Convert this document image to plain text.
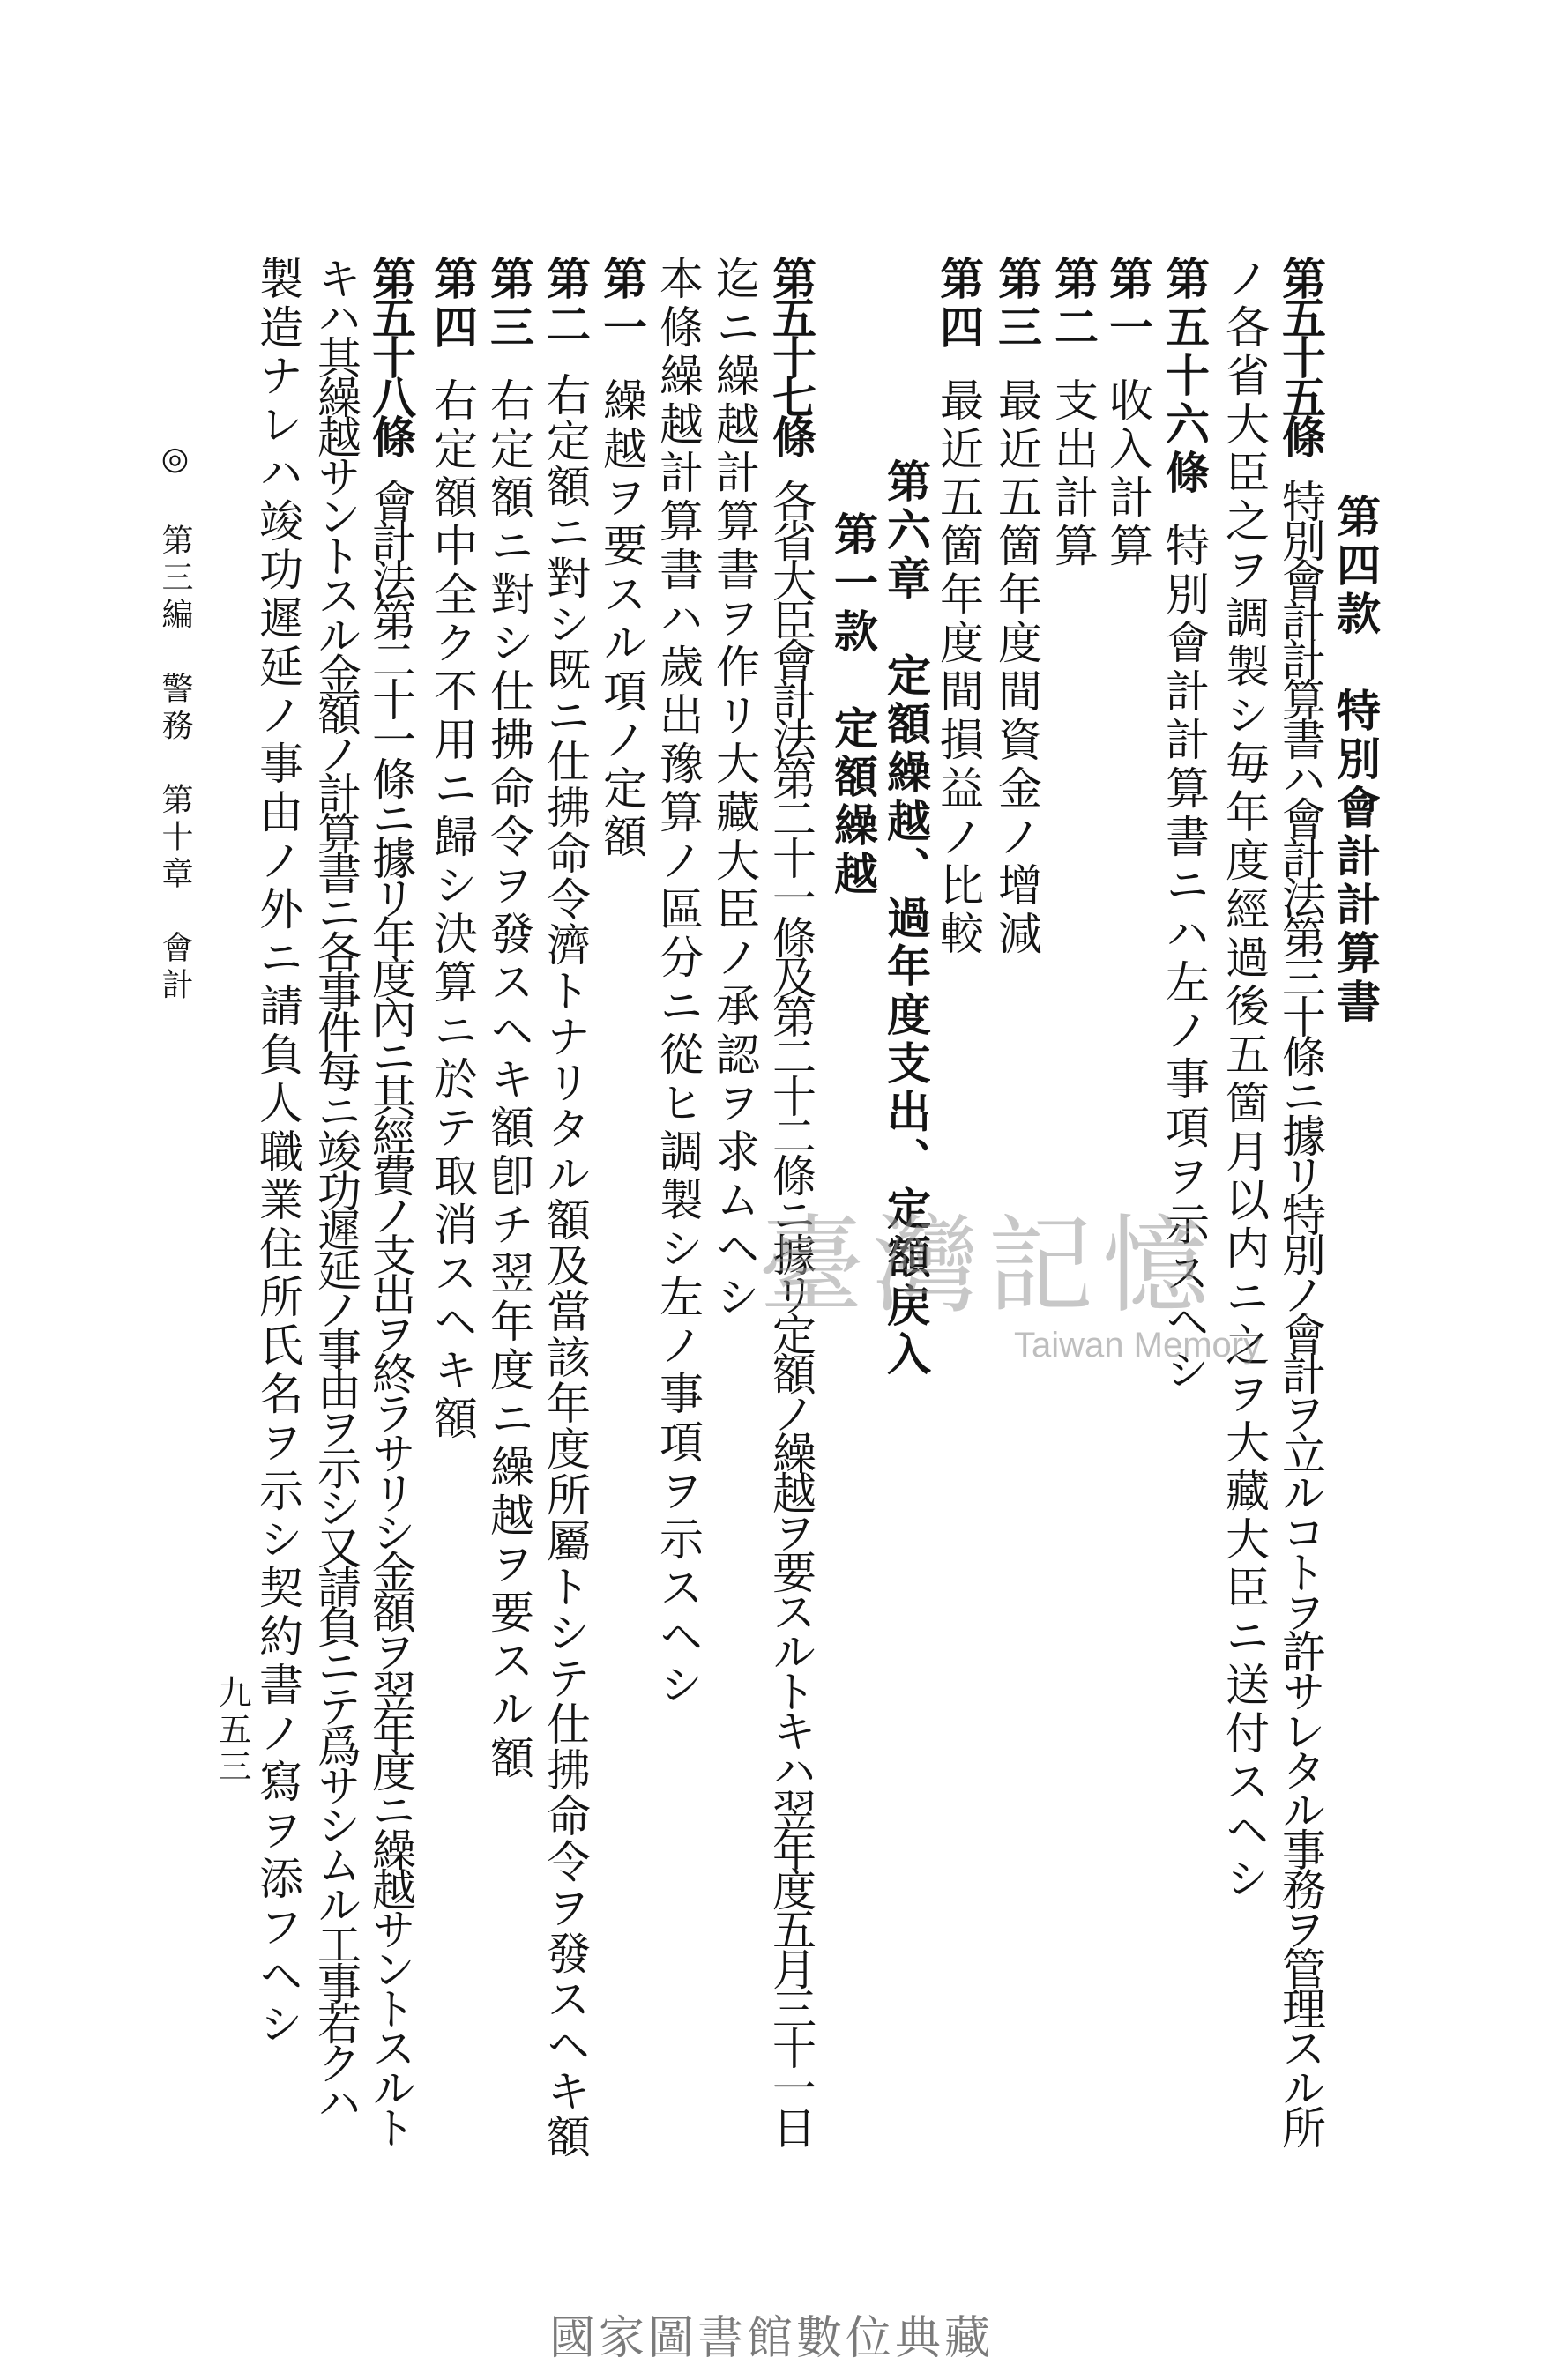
第四款　特別會計計算書
第五十五條特別會計計算書ハ會計法第三十條ニ據リ特別ノ會計ヲ立ルコトヲ許サレタル事務ヲ管理スル所
ノ各省大臣之ヲ調製シ毎年度經過後五箇月以内ニ之ヲ大藏大臣ニ送付スヘシ
第五十六條特別會計計算書ニハ左ノ事項ヲ示スヘシ
第一收入計算
第二支出計算
第三最近五箇年度間資金ノ增減
第四最近五箇年度間損益ノ比較
第六章　定額繰越、過年度支出、定額戻入
第一款　定額繰越
第五十七條各省大臣會計法第二十一條及第二十二條ニ據リ定額ノ繰越ヲ要スルトキハ翌年度五月三十一日
迄ニ繰越計算書ヲ作リ大藏大臣ノ承認ヲ求ムヘシ
本條繰越計算書ハ歲出豫算ノ區分ニ從ヒ調製シ左ノ事項ヲ示スヘシ
第一繰越ヲ要スル項ノ定額
第二右定額ニ對シ既ニ仕拂命令濟トナリタル額及當該年度所屬トシテ仕拂命令ヲ發スヘキ額
第三右定額ニ對シ仕拂命令ヲ發スヘキ額卽チ翌年度ニ繰越ヲ要スル額
第四右定額中全ク不用ニ歸シ決算ニ於テ取消スヘキ額
第五十八條會計法第二十一條ニ據リ年度內ニ其經費ノ支出ヲ終ラサリシ金額ヲ翌年度ニ繰越サントスルト
キハ其繰越サントスル金額ノ計算書ニ各事件每ニ竣功遲延ノ事由ヲ示シ又請負ニテ爲サシムル工事若クハ
製造ナレハ竣功遲延ノ事由ノ外ニ請負人職業住所氏名ヲ示シ契約書ノ寫ヲ添フヘシ
◎ 第三編　警務　第十章　會計
九五三
臺灣記憶
Taiwan Memory
國家圖書館數位典藏
